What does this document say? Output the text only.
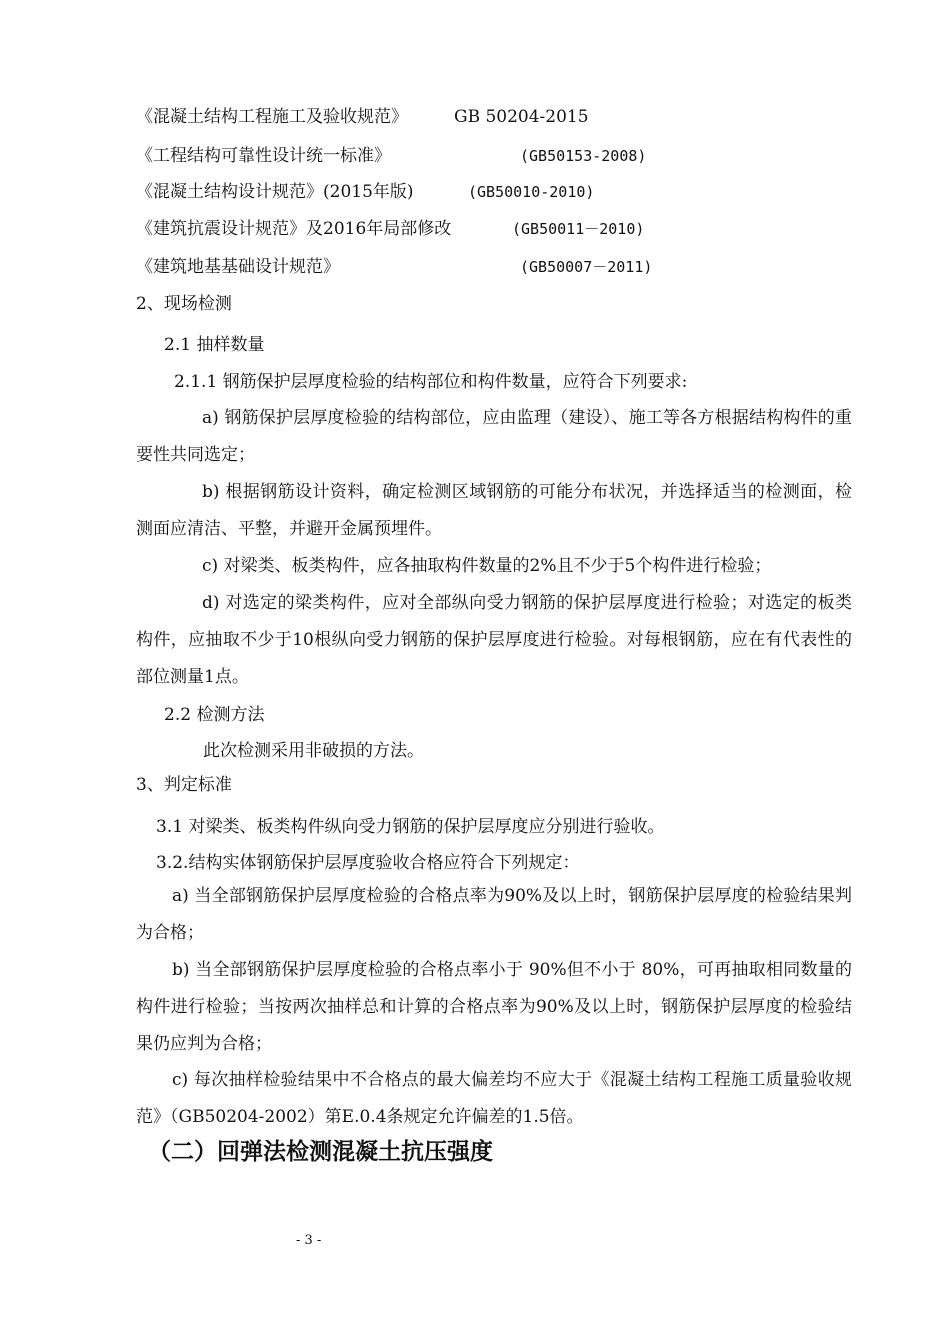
《混凝土结构工程施工及验收规范》	GB 50204-2015
《工程结构可靠性设计统一标准》	(GB50153-2008)
《混凝土结构设计规范》(2015年版)	(GB50010-2010)
《建筑抗震设计规范》及2016年局部修改	(GB50011－2010)
《建筑地基基础设计规范》	(GB50007－2011)
2、现场检测
2.1 抽样数量
2.1.1 钢筋保护层厚度检验的结构部位和构件数量，应符合下列要求:
a) 钢筋保护层厚度检验的结构部位，应由监理（建设）、施工等各方根据结构构件的重要性共同选定；
b) 根据钢筋设计资料，确定检测区域钢筋的可能分布状况，并选择适当的检测面，检测面应清洁、平整，并避开金属预埋件。
c) 对梁类、板类构件，应各抽取构件数量的2%且不少于5个构件进行检验；
d) 对选定的梁类构件，应对全部纵向受力钢筋的保护层厚度进行检验；对选定的板类构件，应抽取不少于10根纵向受力钢筋的保护层厚度进行检验。对每根钢筋，应在有代表性的部位测量1点。
2.2 检测方法
此次检测采用非破损的方法。
3、判定标准
3.1 对梁类、板类构件纵向受力钢筋的保护层厚度应分别进行验收。
3.2.结构实体钢筋保护层厚度验收合格应符合下列规定：
a) 当全部钢筋保护层厚度检验的合格点率为90%及以上时，钢筋保护层厚度的检验结果判为合格；
b) 当全部钢筋保护层厚度检验的合格点率小于 90%但不小于 80%，可再抽取相同数量的构件进行检验；当按两次抽样总和计算的合格点率为90%及以上时，钢筋保护层厚度的检验结果仍应判为合格；
c) 每次抽样检验结果中不合格点的最大偏差均不应大于《混凝土结构工程施工质量验收规范》（GB50204-2002）第E.0.4条规定允许偏差的1.5倍。
（二）回弹法检测混凝土抗压强度
- 3 -
